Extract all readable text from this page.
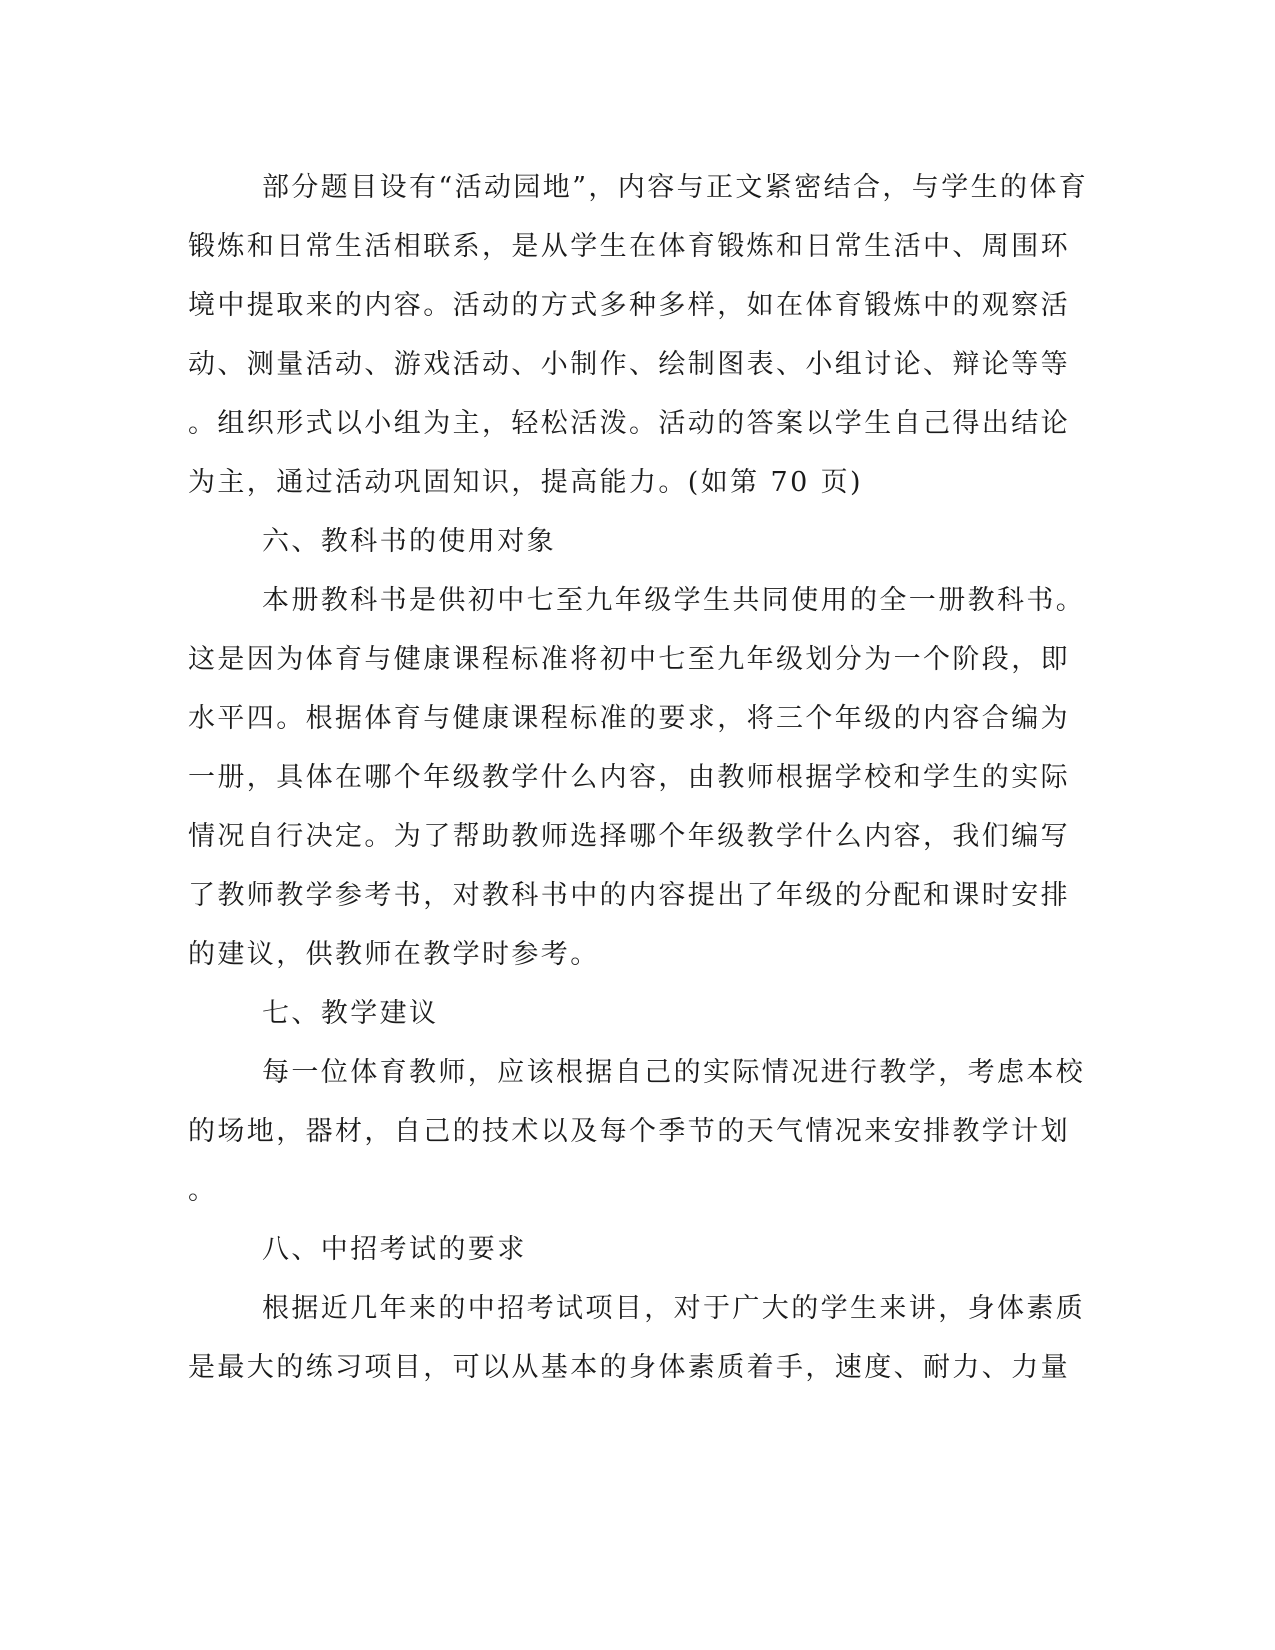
部分题目设有“活动园地”，内容与正文紧密结合，与学生的体育
锻炼和日常生活相联系，是从学生在体育锻炼和日常生活中、周围环
境中提取来的内容。活动的方式多种多样，如在体育锻炼中的观察活
动、测量活动、游戏活动、小制作、绘制图表、小组讨论、辩论等等
。组织形式以小组为主，轻松活泼。活动的答案以学生自己得出结论
为主，通过活动巩固知识，提高能力。(如第 70 页)
六、教科书的使用对象
本册教科书是供初中七至九年级学生共同使用的全一册教科书。
这是因为体育与健康课程标准将初中七至九年级划分为一个阶段，即
水平四。根据体育与健康课程标准的要求，将三个年级的内容合编为
一册，具体在哪个年级教学什么内容，由教师根据学校和学生的实际
情况自行决定。为了帮助教师选择哪个年级教学什么内容，我们编写
了教师教学参考书，对教科书中的内容提出了年级的分配和课时安排
的建议，供教师在教学时参考。
七、教学建议
每一位体育教师，应该根据自己的实际情况进行教学，考虑本校
的场地，器材，自己的技术以及每个季节的天气情况来安排教学计划
。
八、中招考试的要求
根据近几年来的中招考试项目，对于广大的学生来讲，身体素质
是最大的练习项目，可以从基本的身体素质着手，速度、耐力、力量
